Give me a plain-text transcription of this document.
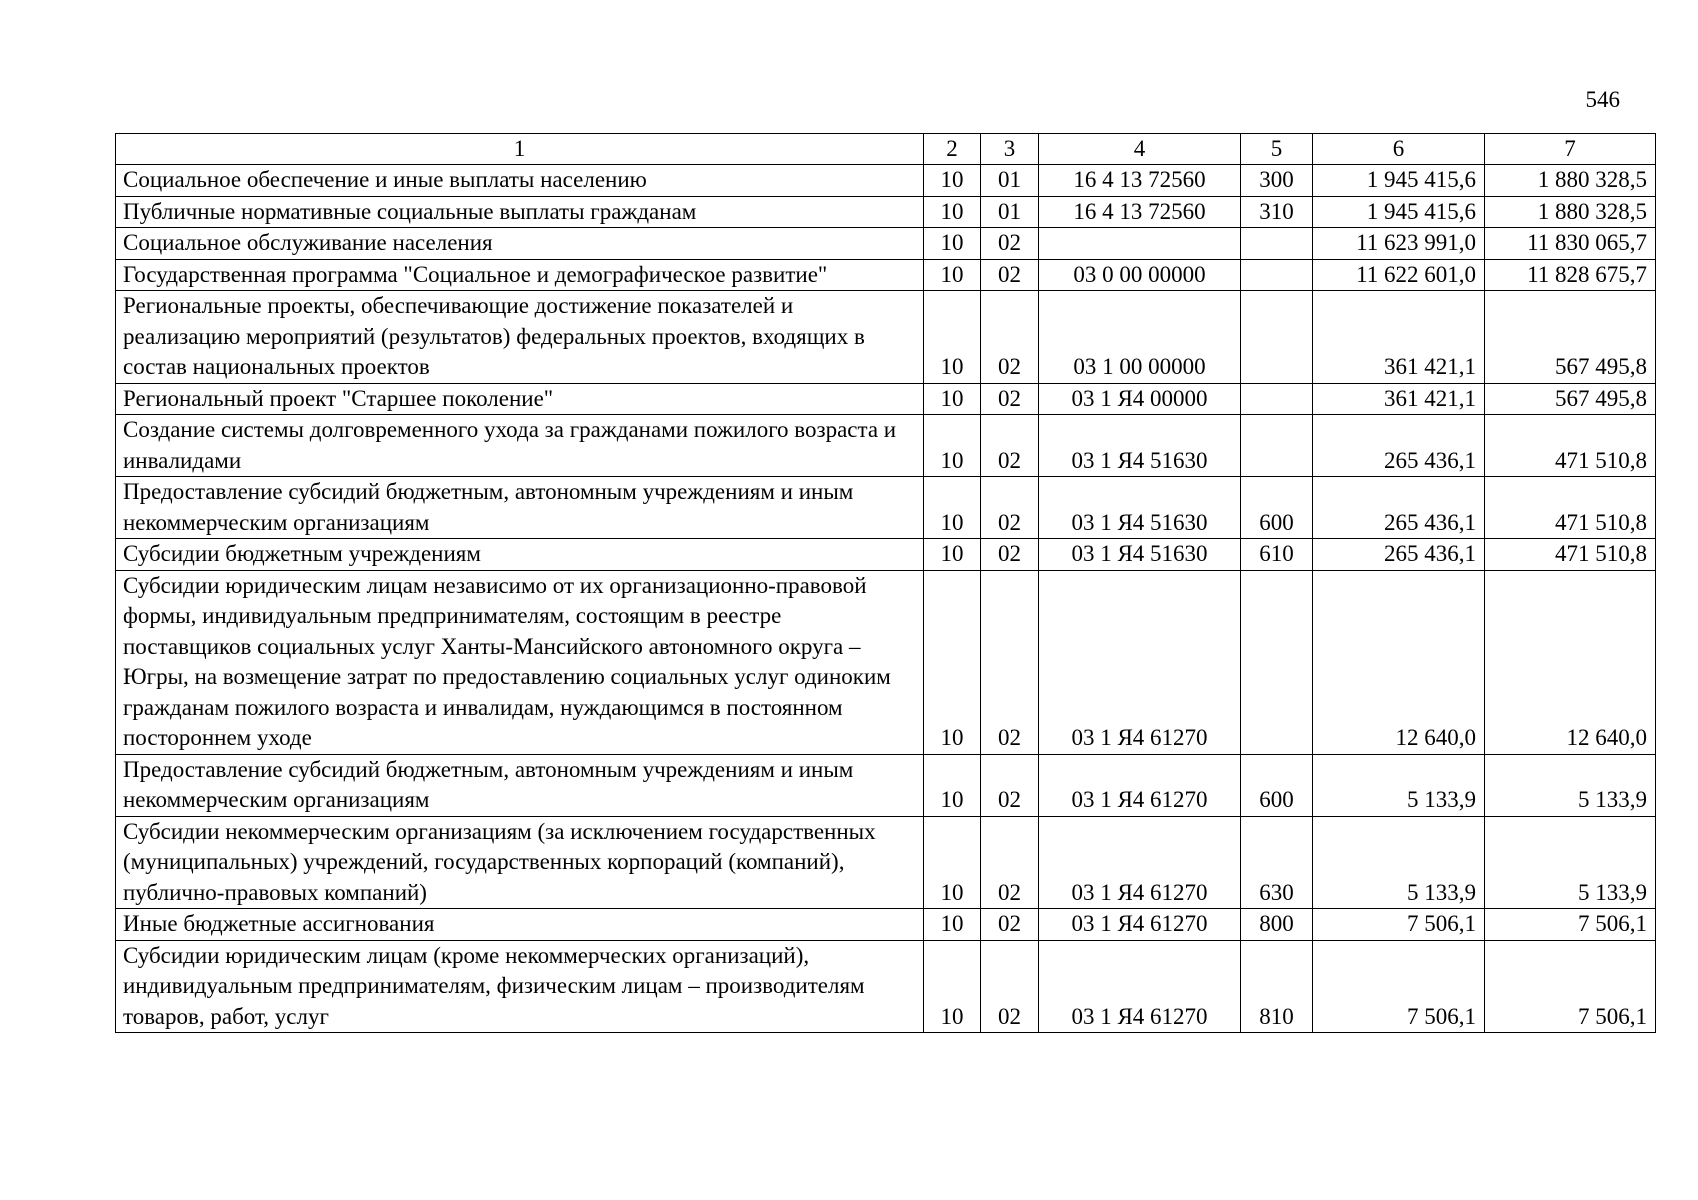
546
1	2	3	4	5	6	7
Социальное обеспечение и иные выплаты населению	10	01	16 4 13 72560	300	1 945 415,6	1 880 328,5
Публичные нормативные социальные выплаты гражданам	10	01	16 4 13 72560	310	1 945 415,6	1 880 328,5
Социальное обслуживание населения	10	02			11 623 991,0	11 830 065,7
Государственная программа "Социальное и демографическое развитие"	10	02	03 0 00 00000		11 622 601,0	11 828 675,7
Региональные проекты, обеспечивающие достижение показателей и реализацию мероприятий (результатов) федеральных проектов, входящих в состав национальных проектов	10	02	03 1 00 00000		361 421,1	567 495,8
Региональный проект "Старшее поколение"	10	02	03 1 Я4 00000		361 421,1	567 495,8
Создание системы долговременного ухода за гражданами пожилого возраста и инвалидами	10	02	03 1 Я4 51630		265 436,1	471 510,8
Предоставление субсидий бюджетным, автономным учреждениям и иным некоммерческим организациям	10	02	03 1 Я4 51630	600	265 436,1	471 510,8
Субсидии бюджетным учреждениям	10	02	03 1 Я4 51630	610	265 436,1	471 510,8
Субсидии юридическим лицам независимо от их организационно-правовой формы, индивидуальным предпринимателям, состоящим в реестре поставщиков социальных услуг Ханты-Мансийского автономного округа – Югры, на возмещение затрат по предоставлению социальных услуг одиноким гражданам пожилого возраста и инвалидам, нуждающимся в постоянном постороннем уходе	10	02	03 1 Я4 61270		12 640,0	12 640,0
Предоставление субсидий бюджетным, автономным учреждениям и иным некоммерческим организациям	10	02	03 1 Я4 61270	600	5 133,9	5 133,9
Субсидии некоммерческим организациям (за исключением государственных (муниципальных) учреждений, государственных корпораций (компаний), публично-правовых компаний)	10	02	03 1 Я4 61270	630	5 133,9	5 133,9
Иные бюджетные ассигнования	10	02	03 1 Я4 61270	800	7 506,1	7 506,1
Субсидии юридическим лицам (кроме некоммерческих организаций), индивидуальным предпринимателям, физическим лицам – производителям товаров, работ, услуг	10	02	03 1 Я4 61270	810	7 506,1	7 506,1
